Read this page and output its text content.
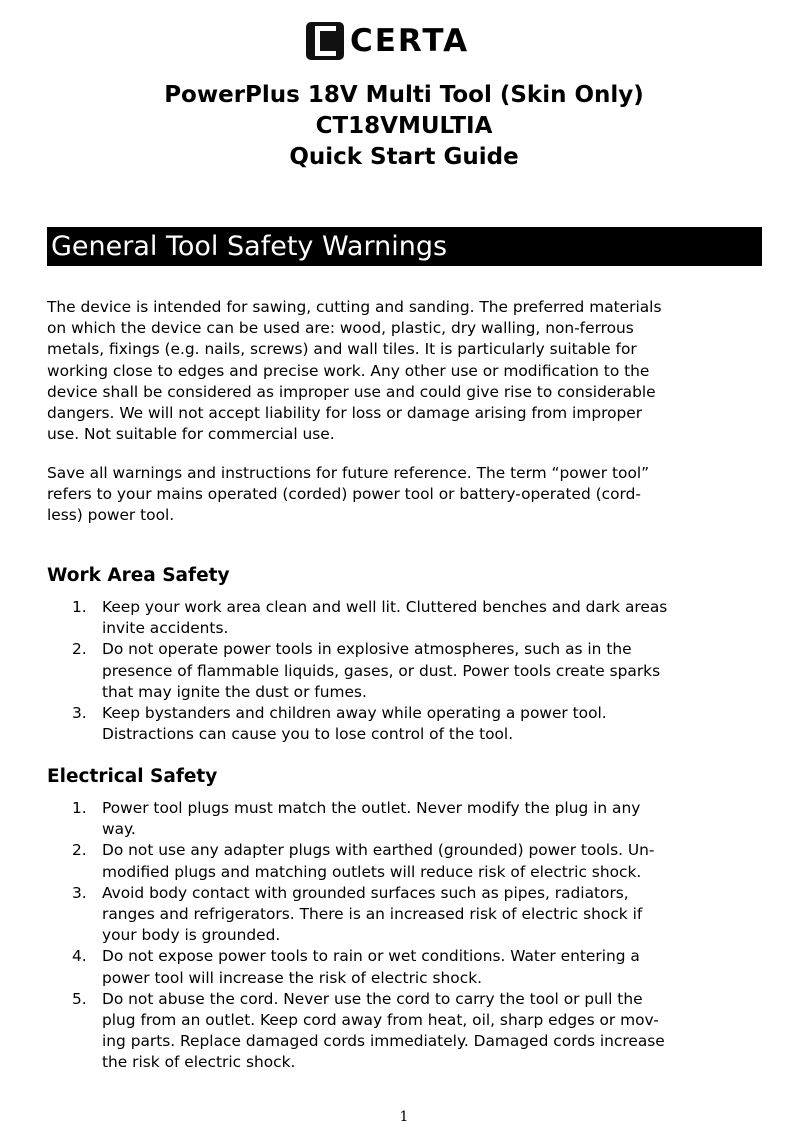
CERTA
PowerPlus 18V Multi Tool (Skin Only)
CT18VMULTIA
Quick Start Guide
General Tool Safety Warnings
The device is intended for sawing, cutting and sanding. The preferred materials
on which the device can be used are: wood, plastic, dry walling, non-ferrous
metals, fixings (e.g. nails, screws) and wall tiles. It is particularly suitable for
working close to edges and precise work. Any other use or modification to the
device shall be considered as improper use and could give rise to considerable
dangers. We will not accept liability for loss or damage arising from improper
use. Not suitable for commercial use.
Save all warnings and instructions for future reference. The term “power tool”
refers to your mains operated (corded) power tool or battery-operated (cord-
less) power tool.
Work Area Safety
1. Keep your work area clean and well lit. Cluttered benches and dark areas
invite accidents.
2. Do not operate power tools in explosive atmospheres, such as in the
presence of flammable liquids, gases, or dust. Power tools create sparks
that may ignite the dust or fumes.
3. Keep bystanders and children away while operating a power tool.
Distractions can cause you to lose control of the tool.
Electrical Safety
1. Power tool plugs must match the outlet. Never modify the plug in any
way.
2. Do not use any adapter plugs with earthed (grounded) power tools. Un-
modified plugs and matching outlets will reduce risk of electric shock.
3. Avoid body contact with grounded surfaces such as pipes, radiators,
ranges and refrigerators. There is an increased risk of electric shock if
your body is grounded.
4. Do not expose power tools to rain or wet conditions. Water entering a
power tool will increase the risk of electric shock.
5. Do not abuse the cord. Never use the cord to carry the tool or pull the
plug from an outlet. Keep cord away from heat, oil, sharp edges or mov-
ing parts. Replace damaged cords immediately. Damaged cords increase
the risk of electric shock.
1
